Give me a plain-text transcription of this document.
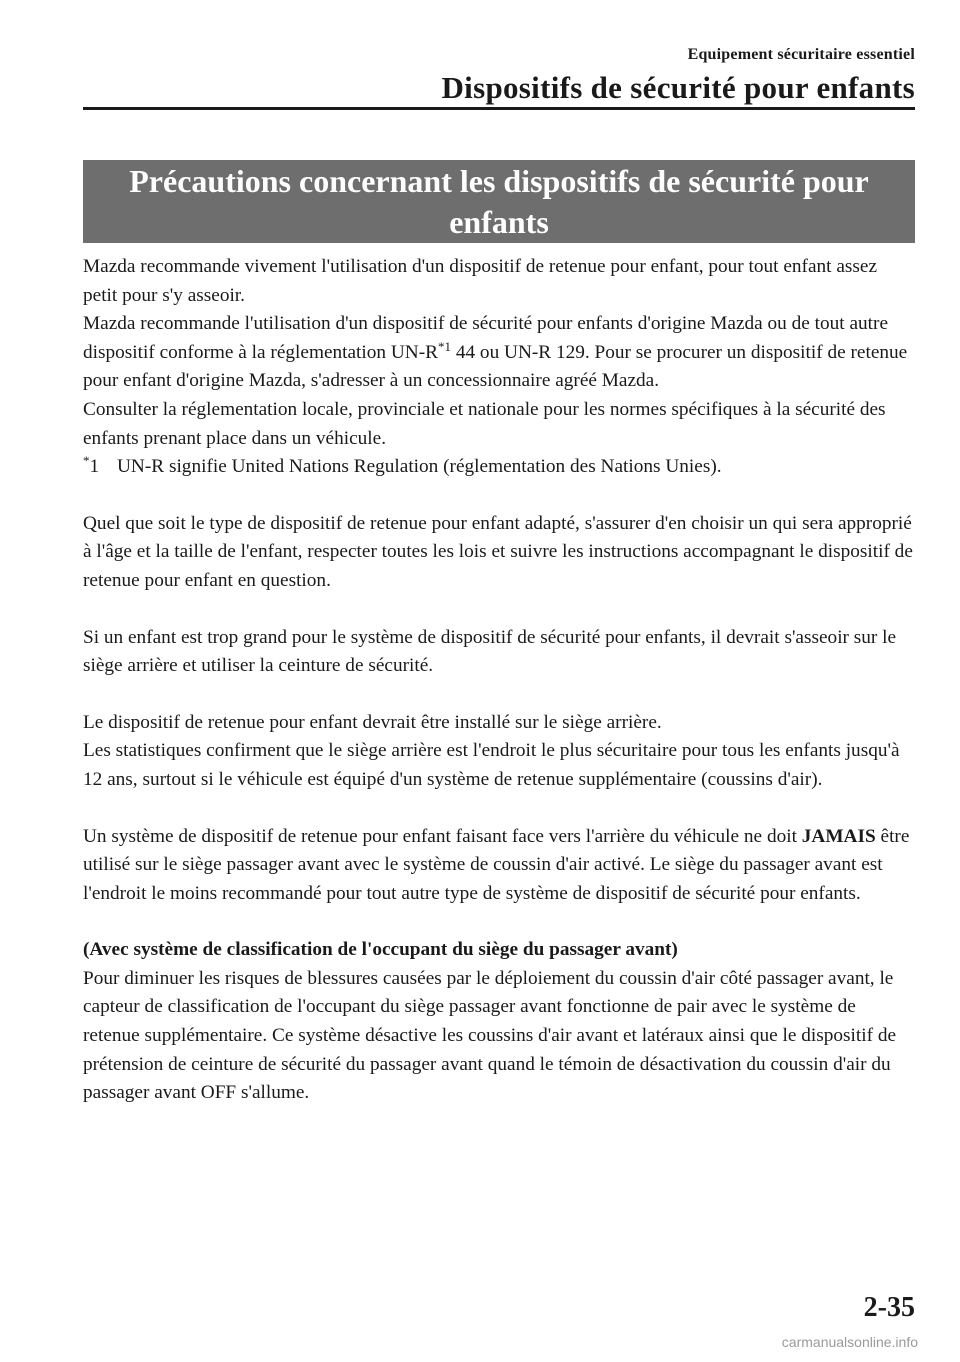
Equipement sécuritaire essentiel
Dispositifs de sécurité pour enfants
Précautions concernant les dispositifs de sécurité pour enfants

Mazda recommande vivement l'utilisation d'un dispositif de retenue pour enfant, pour tout enfant assez petit pour s'y asseoir.

Mazda recommande l'utilisation d'un dispositif de sécurité pour enfants d'origine Mazda ou de tout autre dispositif conforme à la réglementation $UN-R^{*1}$ 44 ou UN-R 129. Pour se procurer un dispositif de retenue pour enfant d'origine Mazda, s'adresser à un concessionnaire agréé Mazda.

Consulter la réglementation locale, provinciale et nationale pour les normes spécifiques à la sécurité des enfants prenant place dans un véhicule.

*1 UN-R signifie United Nations Regulation (réglementation des Nations Unies).

Quel que soit le type de dispositif de retenue pour enfant adapté, s'assurer d'en choisir un qui sera approprié à l'âge et la taille de l'enfant, respecter toutes les lois et suivre les instructions accompagnant le dispositif de retenue pour enfant en question.

Si un enfant est trop grand pour le système de dispositif de sécurité pour enfants, il devrait s'asseoir sur le siège arrière et utiliser la ceinture de sécurité.

Le dispositif de retenue pour enfant devrait être installé sur le siège arrière.

Les statistiques confirment que le siège arrière est l'endroit le plus sécuritaire pour tous les enfants jusqu'à 12 ans, surtout si le véhicule est équipé d'un système de retenue supplémentaire (coussins d'air).

Un système de dispositif de retenue pour enfant faisant face vers l'arrière du véhicule ne doit JAMAIS être utilisé sur le siège passager avant avec le système de coussin d'air activé. Le siège du passager avant est l'endroit le moins recommandé pour tout autre type de système de dispositif de sécurité pour enfants.

(Avec système de classification de l'occupant du siège du passager avant)

Pour diminuer les risques de blessures causées par le déploiement du coussin d'air côté passager avant, le capteur de classification de l'occupant du siège passager avant fonctionne de pair avec le système de retenue supplémentaire. Ce système désactive les coussins d'air avant et latéraux ainsi que le dispositif de prétension de ceinture de sécurité du passager avant quand le témoin de désactivation du coussin d'air du passager avant OFF s'allume.

2-35
carmanualsonline.info
